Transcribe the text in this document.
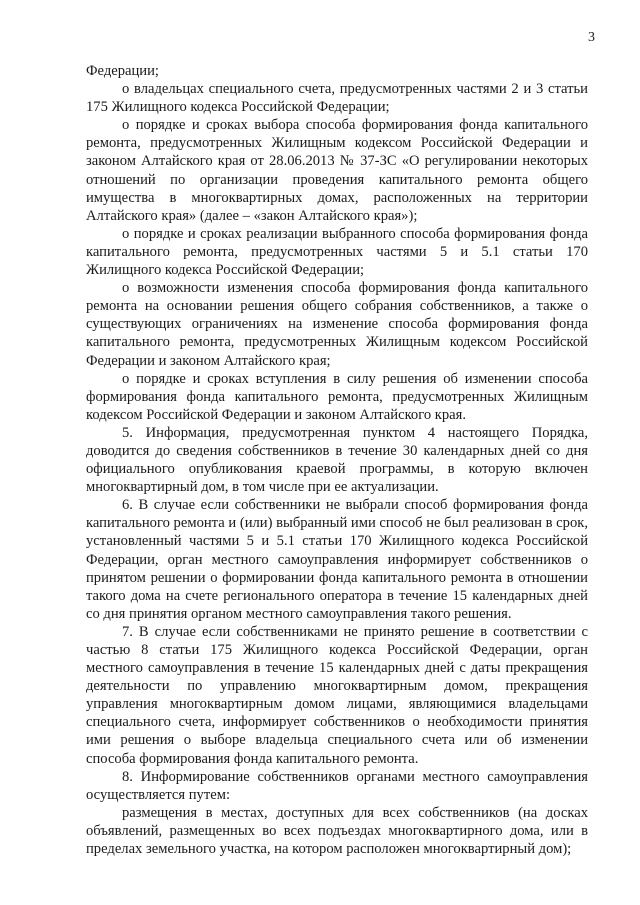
3

Федерации;

о владельцах специального счета, предусмотренных частями 2 и 3 статьи 175 Жилищного кодекса Российской Федерации;

о порядке и сроках выбора способа формирования фонда капитального ремонта, предусмотренных Жилищным кодексом Российской Федерации и законом Алтайского края от 28.06.2013 № 37-ЗС «О регулировании некоторых отношений по организации проведения капитального ремонта общего имущества в многоквартирных домах, расположенных на территории Алтайского края» (далее – «закон Алтайского края»);

о порядке и сроках реализации выбранного способа формирования фонда капитального ремонта, предусмотренных частями 5 и 5.1 статьи 170 Жилищного кодекса Российской Федерации;

о возможности изменения способа формирования фонда капитального ремонта на основании решения общего собрания собственников, а также о существующих ограничениях на изменение способа формирования фонда капитального ремонта, предусмотренных Жилищным кодексом Российской Федерации и законом Алтайского края;

о порядке и сроках вступления в силу решения об изменении способа формирования фонда капитального ремонта, предусмотренных Жилищным кодексом Российской Федерации и законом Алтайского края.

5. Информация, предусмотренная пунктом 4 настоящего Порядка, доводится до сведения собственников в течение 30 календарных дней со дня официального опубликования краевой программы, в которую включен многоквартирный дом, в том числе при ее актуализации.

6. В случае если собственники не выбрали способ формирования фонда капитального ремонта и (или) выбранный ими способ не был реализован в срок, установленный частями 5 и 5.1 статьи 170 Жилищного кодекса Российской Федерации, орган местного самоуправления информирует собственников о принятом решении о формировании фонда капитального ремонта в отношении такого дома на счете регионального оператора в течение 15 календарных дней со дня принятия органом местного самоуправления такого решения.

7. В случае если собственниками не принято решение в соответствии с частью 8 статьи 175 Жилищного кодекса Российской Федерации, орган местного самоуправления в течение 15 календарных дней с даты прекращения деятельности по управлению многоквартирным домом, прекращения управления многоквартирным домом лицами, являющимися владельцами специального счета, информирует собственников о необходимости принятия ими решения о выборе владельца специального счета или об изменении способа формирования фонда капитального ремонта.

8. Информирование собственников органами местного самоуправления осуществляется путем:

размещения в местах, доступных для всех собственников (на досках объявлений, размещенных во всех подъездах многоквартирного дома, или в пределах земельного участка, на котором расположен многоквартирный дом);
